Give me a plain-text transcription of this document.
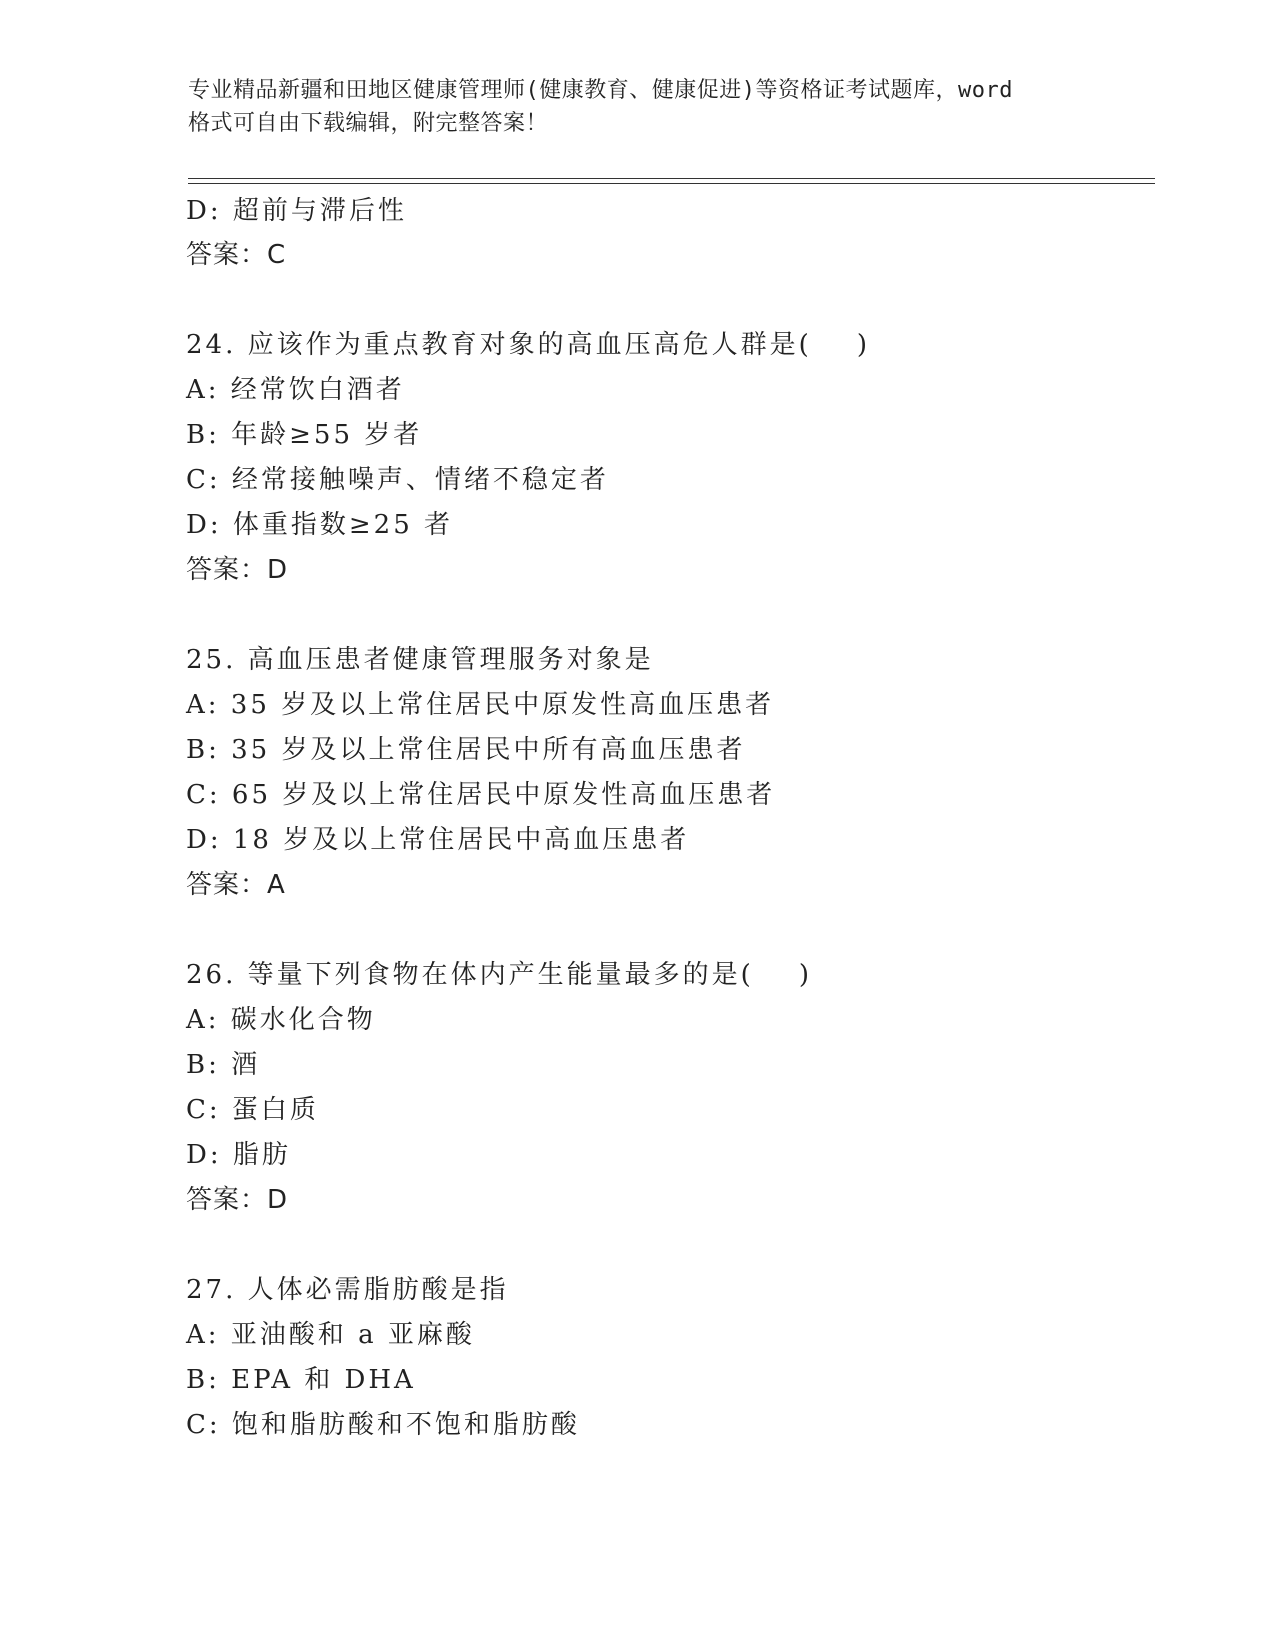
专业精品新疆和田地区健康管理师(健康教育、健康促进)等资格证考试题库，word
格式可自由下载编辑，附完整答案！
D: 超前与滞后性
答案：C
24. 应该作为重点教育对象的高血压高危人群是(    )
A: 经常饮白酒者
B: 年龄≥55 岁者
C: 经常接触噪声、情绪不稳定者
D: 体重指数≥25 者
答案：D
25. 高血压患者健康管理服务对象是
A: 35 岁及以上常住居民中原发性高血压患者
B: 35 岁及以上常住居民中所有高血压患者
C: 65 岁及以上常住居民中原发性高血压患者
D: 18 岁及以上常住居民中高血压患者
答案：A
26. 等量下列食物在体内产生能量最多的是(    )
A: 碳水化合物
B: 酒
C: 蛋白质
D: 脂肪
答案：D
27. 人体必需脂肪酸是指
A: 亚油酸和 a 亚麻酸
B: EPA 和 DHA
C: 饱和脂肪酸和不饱和脂肪酸
